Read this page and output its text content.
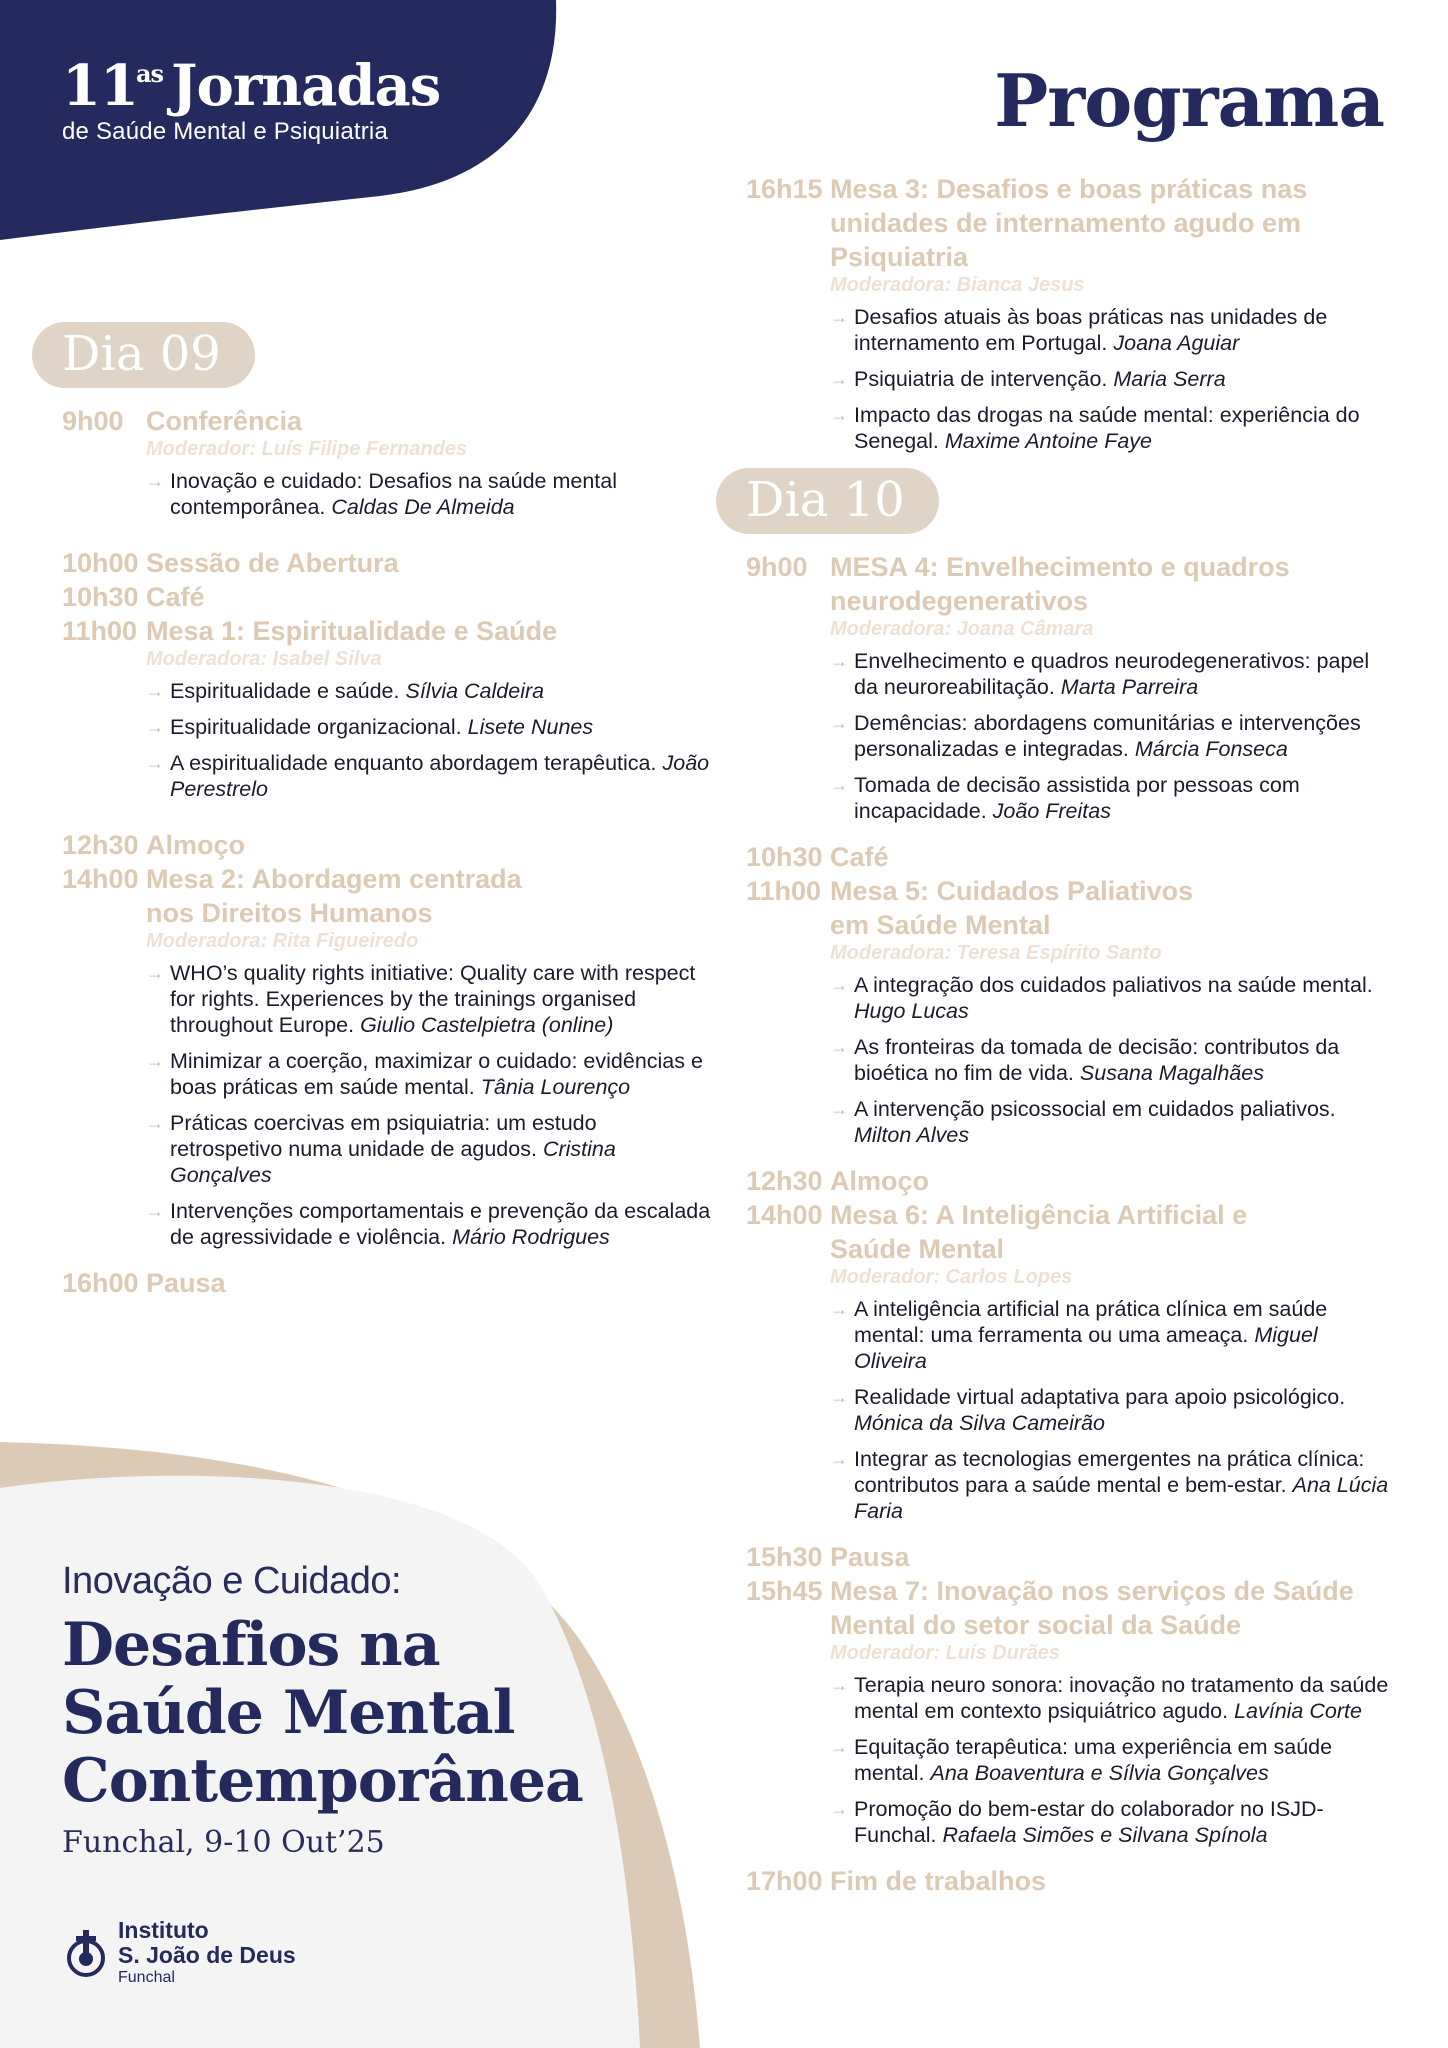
$11^{as}$ Jornadas
de Saúde Mental e Psiquiatria	Programa
Dia 09
9h00 Conferência
Moderador: Luís Filipe Fernandes
→ Inovação e cuidado: Desafios na saúde mental contemporânea. Caldas De Almeida
10h00 Sessão de Abertura
10h30 Café
11h00 Mesa 1: Espiritualidade e Saúde
Moderadora: Isabel Silva
→ Espiritualidade e saúde. Sílvia Caldeira
→ Espiritualidade organizacional. Lisete Nunes
→ A espiritualidade enquanto abordagem terapêutica. João Perestrelo
12h30 Almoço
14h00 Mesa 2: Abordagem centrada nos Direitos Humanos
Moderadora: Rita Figueiredo
→ WHO’s quality rights initiative: Quality care with respect for rights. Experiences by the trainings organised throughout Europe. Giulio Castelpietra (online)
→ Minimizar a coerção, maximizar o cuidado: evidências e boas práticas em saúde mental. Tânia Lourenço
→ Práticas coercivas em psiquiatria: um estudo retrospetivo numa unidade de agudos. Cristina Gonçalves
→ Intervenções comportamentais e prevenção da escalada de agressividade e violência. Mário Rodrigues
16h00 Pausa
16h15 Mesa 3: Desafios e boas práticas nas unidades de internamento agudo em Psiquiatria
Moderadora: Bianca Jesus
→ Desafios atuais às boas práticas nas unidades de internamento em Portugal. Joana Aguiar
→ Psiquiatria de intervenção. Maria Serra
→ Impacto das drogas na saúde mental: experiência do Senegal. Maxime Antoine Faye
Dia 10
9h00 MESA 4: Envelhecimento e quadros neurodegenerativos
Moderadora: Joana Câmara
→ Envelhecimento e quadros neurodegenerativos: papel da neuroreabilitação. Marta Parreira
→ Demências: abordagens comunitárias e intervenções personalizadas e integradas. Márcia Fonseca
→ Tomada de decisão assistida por pessoas com incapacidade. João Freitas
10h30 Café
11h00 Mesa 5: Cuidados Paliativos em Saúde Mental
Moderadora: Teresa Espírito Santo
→ A integração dos cuidados paliativos na saúde mental. Hugo Lucas
→ As fronteiras da tomada de decisão: contributos da bioética no fim de vida. Susana Magalhães
→ A intervenção psicossocial em cuidados paliativos. Milton Alves
12h30 Almoço
14h00 Mesa 6: A Inteligência Artificial e Saúde Mental
Moderador: Carlos Lopes
→ A inteligência artificial na prática clínica em saúde mental: uma ferramenta ou uma ameaça. Miguel Oliveira
→ Realidade virtual adaptativa para apoio psicológico. Mónica da Silva Cameirão
→ Integrar as tecnologias emergentes na prática clínica: contributos para a saúde mental e bem-estar. Ana Lúcia Faria
15h30 Pausa
15h45 Mesa 7: Inovação nos serviços de Saúde Mental do setor social da Saúde
Moderador: Luís Durães
→ Terapia neuro sonora: inovação no tratamento da saúde mental em contexto psiquiátrico agudo. Lavínia Corte
→ Equitação terapêutica: uma experiência em saúde mental. Ana Boaventura e Sílvia Gonçalves
→ Promoção do bem-estar do colaborador no ISJD-Funchal. Rafaela Simões e Silvana Spínola
17h00 Fim de trabalhos
Inovação e Cuidado:
Desafios na
Saúde Mental
Contemporânea
Funchal, 9-10 Out’25
Instituto
S. João de Deus
Funchal
